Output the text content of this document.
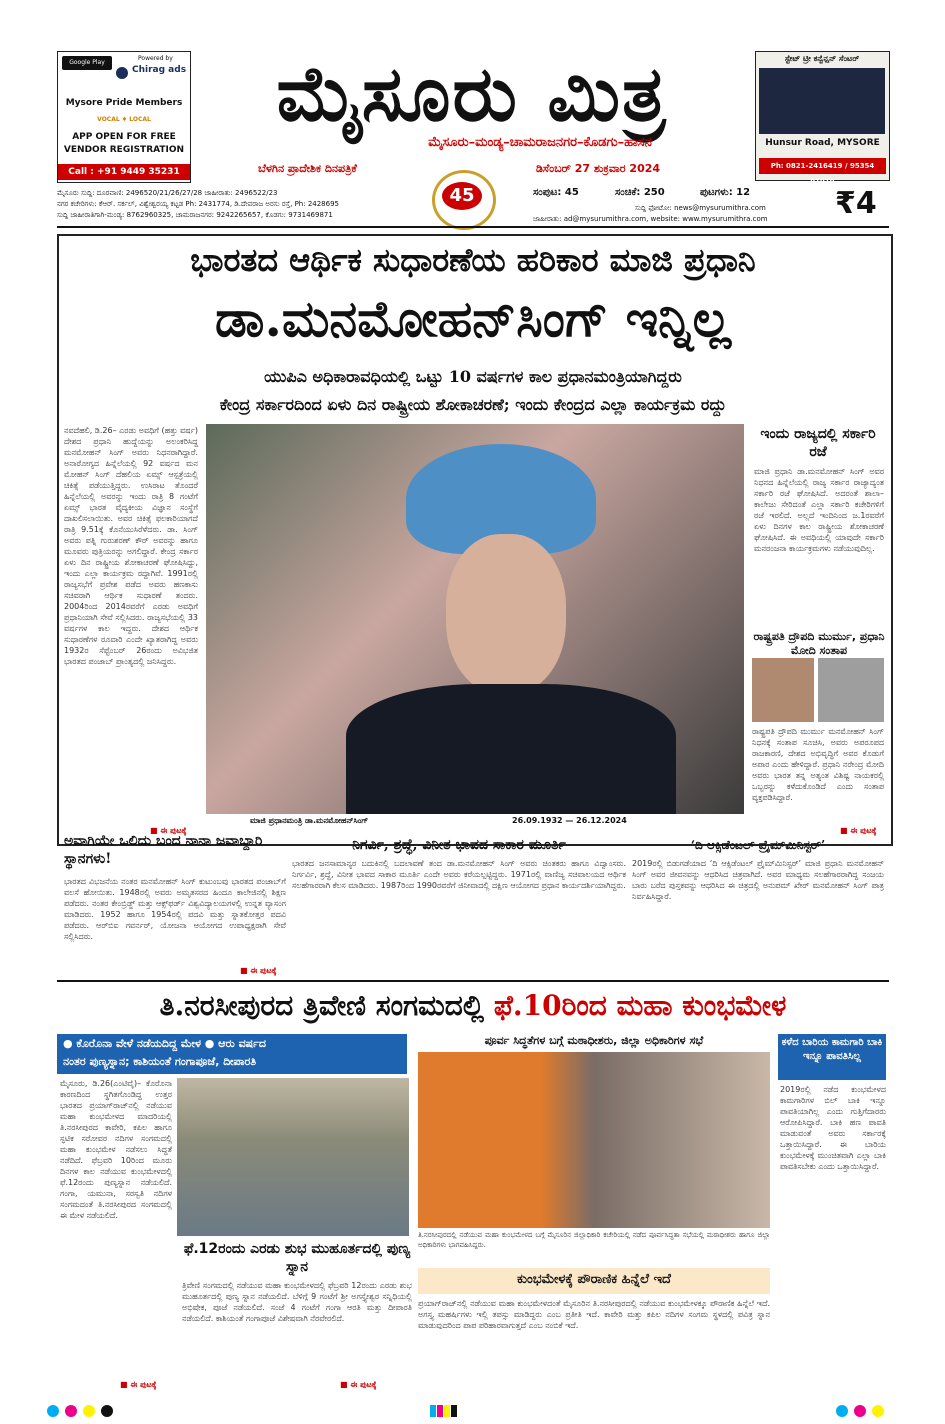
Google Play
Powered by
Chirag ads
Mysore Pride Members
VOCAL ♦ LOCAL
APP OPEN FOR FREE
VENDOR REGISTRATION
Call : +91 9449 35231
ಮೈಸೂರು ಮಿತ್ರ
ಮೈಸೂರು–ಮಂಡ್ಯ–ಚಾಮರಾಜನಗರ–ಕೊಡಗು–ಹಾಸನ
ಬೆಳಗಿನ ಪ್ರಾದೇಶಿಕ ದಿನಪತ್ರಿಕೆ	ಡಿಸೆಂಬರ್ 27 ಶುಕ್ರವಾರ 2024
45
ಮೈಸೂರು ಸುದ್ದಿ: ದೂರವಾಣಿ: 2496520/21/26/27/28 ಜಾಹೀರಾತು: 2496522/23
ನಗರ ಕಚೇರಿಗಳು: ಕೆಆರ್. ಸರ್ಕಲ್, ವಿಶ್ವೇಶ್ವರಯ್ಯ ಕಟ್ಟಡ Ph: 2431774, ಡಿ.ದೇವರಾಜ ಅರಸು ರಸ್ತೆ, Ph: 2428695
ಸುದ್ದಿ ಜಾಹೀರಾತಿಗಾಗಿ-ಮಂಡ್ಯ: 8762960325, ಚಾಮರಾಜನಗರ: 9242265657, ಕೊಡಗು: 9731469871
ಸಂಪುಟ: 45	ಸಂಚಿಕೆ: 250	ಪುಟಗಳು: 12
ಸುದ್ದಿ ಫೋಟೋ: news@mysurumithra.com
ಜಾಹೀರಾತು: ad@mysurumithra.com, website: www.mysurumithra.com
ಸ್ಟೇಟ್ ಟ್ರೀ ಕನ್ವೆನ್ಷನ್ ಸೆಂಟರ್
Hunsur Road, MYSORE
Ph: 0821-2416419 / 95354 91919
₹4
ಭಾರತದ ಆರ್ಥಿಕ ಸುಧಾರಣೆಯ ಹರಿಕಾರ ಮಾಜಿ ಪ್ರಧಾನಿ
ಡಾ.ಮನಮೋಹನ್‌ಸಿಂಗ್ ಇನ್ನಿಲ್ಲ
ಯುಪಿಎ ಅಧಿಕಾರಾವಧಿಯಲ್ಲಿ ಒಟ್ಟು 10 ವರ್ಷಗಳ ಕಾಲ ಪ್ರಧಾನಮಂತ್ರಿಯಾಗಿದ್ದರು
ಕೇಂದ್ರ ಸರ್ಕಾರದಿಂದ ಏಳು ದಿನ ರಾಷ್ಟ್ರೀಯ ಶೋಕಾಚರಣೆ; ಇಂದು ಕೇಂದ್ರದ ಎಲ್ಲಾ ಕಾರ್ಯಕ್ರಮ ರದ್ದು
ನವದೆಹಲಿ, ಡಿ.26– ಎರಡು ಅವಧಿಗೆ (ಹತ್ತು ವರ್ಷ) ದೇಶದ ಪ್ರಧಾನಿ ಹುದ್ದೆಯನ್ನು ಅಲಂಕರಿಸಿದ್ದ ಮನಮೋಹನ್ ಸಿಂಗ್ ಅವರು ನಿಧನರಾಗಿದ್ದಾರೆ. ಅನಾರೋಗ್ಯದ ಹಿನ್ನೆಲೆಯಲ್ಲಿ 92 ವರ್ಷದ ಮನ ಮೋಹನ್ ಸಿಂಗ್ ದೆಹಲಿಯ ಏಮ್ಸ್ ಆಸ್ಪತ್ರೆಯಲ್ಲಿ ಚಿಕಿತ್ಸೆ ಪಡೆಯುತ್ತಿದ್ದರು. ಉಸಿರಾಟ ತೊಂದರೆ ಹಿನ್ನೆಲೆಯಲ್ಲಿ ಅವರನ್ನು ಇಂದು ರಾತ್ರಿ 8 ಗಂಟೆಗೆ ಏಮ್ಸ್ ಭಾರತ ವೈದ್ಯಕೀಯ ವಿಜ್ಞಾನ ಸಂಸ್ಥೆಗೆ ದಾಖಲಿಸಲಾಯಿತು. ಅವರ ಚಿಕಿತ್ಸೆ ಫಲಕಾರಿಯಾಗದೆ ರಾತ್ರಿ 9.51ಕ್ಕೆ ಕೊನೆಯುಸಿರೆಳೆದರು. ಡಾ. ಸಿಂಗ್ ಅವರು ಪತ್ನಿ ಗುರುಶರಣ್ ಕೌರ್ ಅವರನ್ನು ಹಾಗೂ ಮೂವರು ಪುತ್ರಿಯರನ್ನು ಅಗಲಿದ್ದಾರೆ. ಕೇಂದ್ರ ಸರ್ಕಾರ ಏಳು ದಿನ ರಾಷ್ಟ್ರೀಯ ಶೋಕಾಚರಣೆ ಘೋಷಿಸಿದ್ದು, ಇಂದು ಎಲ್ಲಾ ಕಾರ್ಯಕ್ರಮ ರದ್ದಾಗಿವೆ. 1991ರಲ್ಲಿ ರಾಜ್ಯಸಭೆಗೆ ಪ್ರವೇಶ ಪಡೆದ ಅವರು ಹಣಕಾಸು ಸಚಿವರಾಗಿ ಆರ್ಥಿಕ ಸುಧಾರಣೆ ತಂದರು. 2004ರಿಂದ 2014ರವರೆಗೆ ಎರಡು ಅವಧಿಗೆ ಪ್ರಧಾನಿಯಾಗಿ ಸೇವೆ ಸಲ್ಲಿಸಿದರು. ರಾಜ್ಯಸಭೆಯಲ್ಲಿ 33 ವರ್ಷಗಳ ಕಾಲ ಇದ್ದರು. ದೇಶದ ಆರ್ಥಿಕ ಸುಧಾರಣೆಗಳ ರೂವಾರಿ ಎಂದೇ ಖ್ಯಾತರಾಗಿದ್ದ ಅವರು 1932ರ ಸೆಪ್ಟೆಂಬರ್ 26ರಂದು ಅವಿಭಜಿತ ಭಾರತದ ಪಂಜಾಬ್ ಪ್ರಾಂತ್ಯದಲ್ಲಿ ಜನಿಸಿದ್ದರು.
■ ಈ ಪುಟಕ್ಕೆ
ಮಾಜಿ ಪ್ರಧಾನಮಂತ್ರಿ ಡಾ.ಮನಮೋಹನ್‌ಸಿಂಗ್	26.09.1932 — 26.12.2024
ಇಂದು ರಾಜ್ಯದಲ್ಲಿ ಸರ್ಕಾರಿ ರಜೆ
ಮಾಜಿ ಪ್ರಧಾನಿ ಡಾ.ಮನಮೋಹನ್ ಸಿಂಗ್ ಅವರ ನಿಧನದ ಹಿನ್ನೆಲೆಯಲ್ಲಿ ರಾಜ್ಯ ಸರ್ಕಾರ ರಾಜ್ಯಾದ್ಯಂತ ಸರ್ಕಾರಿ ರಜೆ ಘೋಷಿಸಿದೆ. ಅದರಂತೆ ಶಾಲಾ–ಕಾಲೇಜು ಸೇರಿದಂತೆ ಎಲ್ಲಾ ಸರ್ಕಾರಿ ಕಚೇರಿಗಳಿಗೆ ರಜೆ ಇರಲಿದೆ. ಅಲ್ಲದೆ ಇಂದಿನಿಂದ ಜ.1ರವರೆಗೆ ಏಳು ದಿನಗಳ ಕಾಲ ರಾಷ್ಟ್ರೀಯ ಶೋಕಾಚರಣೆ ಘೋಷಿಸಿದೆ. ಈ ಅವಧಿಯಲ್ಲಿ ಯಾವುದೇ ಸರ್ಕಾರಿ ಮನರಂಜನಾ ಕಾರ್ಯಕ್ರಮಗಳು ನಡೆಯುವುದಿಲ್ಲ.
ರಾಷ್ಟ್ರಪತಿ ದ್ರೌಪದಿ ಮುರ್ಮು, ಪ್ರಧಾನಿ ಮೋದಿ ಸಂತಾಪ
ರಾಷ್ಟ್ರಪತಿ ದ್ರೌಪದಿ ಮುರ್ಮು ಮನಮೋಹನ್ ಸಿಂಗ್ ನಿಧನಕ್ಕೆ ಸಂತಾಪ ಸೂಚಿಸಿ, ಅವರು ಅಪರೂಪದ ರಾಜಕಾರಣಿ, ದೇಶದ ಅಭಿವೃದ್ಧಿಗೆ ಅವರ ಕೊಡುಗೆ ಅಪಾರ ಎಂದು ಹೇಳಿದ್ದಾರೆ. ಪ್ರಧಾನಿ ನರೇಂದ್ರ ಮೋದಿ ಅವರು ಭಾರತ ತನ್ನ ಅತ್ಯಂತ ವಿಶಿಷ್ಟ ನಾಯಕರಲ್ಲಿ ಒಬ್ಬರನ್ನು ಕಳೆದುಕೊಂಡಿದೆ ಎಂದು ಸಂತಾಪ ವ್ಯಕ್ತಪಡಿಸಿದ್ದಾರೆ.
■ ಈ ಪುಟಕ್ಕೆ
ಅವಾಗಿಯೇ ಒಲಿದು ಬಂದ ನಾನಾ ಜವಾಬ್ದಾರಿ ಸ್ಥಾನಗಳು!
ಭಾರತದ ವಿಭಜನೆಯ ನಂತರ ಮನಮೋಹನ್ ಸಿಂಗ್ ಕುಟುಂಬವು ಭಾರತದ ಪಂಜಾಬ್‌ಗೆ ವಲಸೆ ಹೋಯಿತು. 1948ರಲ್ಲಿ ಅವರು ಅಮೃತಸರದ ಹಿಂದೂ ಕಾಲೇಜಿನಲ್ಲಿ ಶಿಕ್ಷಣ ಪಡೆದರು. ನಂತರ ಕೇಂಬ್ರಿಡ್ಜ್ ಮತ್ತು ಆಕ್ಸ್‌ಫರ್ಡ್ ವಿಶ್ವವಿದ್ಯಾಲಯಗಳಲ್ಲಿ ಉನ್ನತ ವ್ಯಾಸಂಗ ಮಾಡಿದರು. 1952 ಹಾಗೂ 1954ರಲ್ಲಿ ಪದವಿ ಮತ್ತು ಸ್ನಾತಕೋತ್ತರ ಪದವಿ ಪಡೆದರು. ಆರ್‌ಬಿಐ ಗವರ್ನರ್, ಯೋಜನಾ ಆಯೋಗದ ಉಪಾಧ್ಯಕ್ಷರಾಗಿ ಸೇವೆ ಸಲ್ಲಿಸಿದರು.
ನಿಗರ್ವಿ, ಶ್ರದ್ಧೆ, ವಿನೀತ ಭಾವದ ಸಾಕಾರ ಮೂರ್ತಿ
ಭಾರತದ ಜನಸಾಮಾನ್ಯರ ಬದುಕಿನಲ್ಲಿ ಬದಲಾವಣೆ ತಂದ ಡಾ.ಮನಮೋಹನ್ ಸಿಂಗ್ ಅವರು ಚಿಂತಕರು ಹಾಗೂ ವಿದ್ವಾಂಸರು. ನಿರ್ಗರ್ವಿ, ಶ್ರದ್ಧೆ, ವಿನೀತ ಭಾವದ ಸಾಕಾರ ಮೂರ್ತಿ ಎಂದೇ ಅವರು ಕರೆಯಲ್ಪಟ್ಟಿದ್ದರು. 1971ರಲ್ಲಿ ವಾಣಿಜ್ಯ ಸಚಿವಾಲಯದ ಆರ್ಥಿಕ ಸಲಹೆಗಾರರಾಗಿ ಕೆಲಸ ಮಾಡಿದರು. 1987ರಿಂದ 1990ರವರೆಗೆ ಜಿನೀವಾದಲ್ಲಿ ದಕ್ಷಿಣ ಆಯೋಗದ ಪ್ರಧಾನ ಕಾರ್ಯದರ್ಶಿಯಾಗಿದ್ದರು.
‘ದಿ ಆಕ್ಸಿಡೆಂಟಲ್ ಪ್ರೈಮ್‌ಮಿನಿಸ್ಟರ್’
2019ರಲ್ಲಿ ಬಿಡುಗಡೆಯಾದ ‘ದಿ ಆಕ್ಸಿಡೆಂಟಲ್ ಪ್ರೈಮ್‌ಮಿನಿಸ್ಟರ್’ ಮಾಜಿ ಪ್ರಧಾನಿ ಮನಮೋಹನ್ ಸಿಂಗ್ ಅವರ ಜೀವನವನ್ನು ಆಧರಿಸಿದ ಚಿತ್ರವಾಗಿದೆ. ಅವರ ಮಾಧ್ಯಮ ಸಲಹೆಗಾರರಾಗಿದ್ದ ಸಂಜಯ ಬಾರು ಬರೆದ ಪುಸ್ತಕವನ್ನು ಆಧರಿಸಿದ ಈ ಚಿತ್ರದಲ್ಲಿ ಅನುಪಮ್ ಖೇರ್ ಮನಮೋಹನ್ ಸಿಂಗ್ ಪಾತ್ರ ನಿರ್ವಹಿಸಿದ್ದಾರೆ.
■ ಈ ಪುಟಕ್ಕೆ
ತಿ.ನರಸೀಪುರದ ತ್ರಿವೇಣಿ ಸಂಗಮದಲ್ಲಿ ಫೆ.10ರಿಂದ ಮಹಾ ಕುಂಭಮೇಳ
● ಕೊರೊನಾ ವೇಳೆ ನಡೆಯದಿದ್ದ ಮೇಳ ● ಆರು ವರ್ಷದ
ನಂತರ ಪುಣ್ಯಸ್ನಾನ; ಕಾಶಿಯಂತೆ ಗಂಗಾಪೂಜೆ, ದೀಪಾರತಿ
ಮೈಸೂರು, ಡಿ.26(ಎಂಟಿವೈ)– ಕೊರೊನಾ ಕಾರಣದಿಂದ ಸ್ಥಗಿತಗೊಂಡಿದ್ದ ಉತ್ತರ ಭಾರತದ ಪ್ರಯಾಗ್‌ರಾಜ್‌ನಲ್ಲಿ ನಡೆಯುವ ಮಹಾ ಕುಂಭಮೇಳದ ಮಾದರಿಯಲ್ಲಿ ತಿ.ನರಸೀಪುರದ ಕಾವೇರಿ, ಕಪಿಲ ಹಾಗೂ ಸ್ಫಟಿಕ ಸರೋವರ ನದಿಗಳ ಸಂಗಮದಲ್ಲಿ ಮಹಾ ಕುಂಭಮೇಳ ನಡೆಸಲು ಸಿದ್ಧತೆ ನಡೆದಿದೆ. ಫೆಬ್ರವರಿ 10ರಿಂದ ಮೂರು ದಿನಗಳ ಕಾಲ ನಡೆಯುವ ಕುಂಭಮೇಳದಲ್ಲಿ ಫೆ.12ರಂದು ಪುಣ್ಯಸ್ನಾನ ನಡೆಯಲಿದೆ. ಗಂಗಾ, ಯಮುನಾ, ಸರಸ್ವತಿ ನದಿಗಳ ಸಂಗಮದಂತೆ ತಿ.ನರಸೀಪುರದ ಸಂಗಮದಲ್ಲಿ ಈ ಮೇಳ ನಡೆಯಲಿದೆ.
■ ಈ ಪುಟಕ್ಕೆ
ಪೂರ್ವ ಸಿದ್ಧತೆಗಳ ಬಗ್ಗೆ ಮಠಾಧೀಶರು, ಜಿಲ್ಲಾ ಅಧಿಕಾರಿಗಳ ಸಭೆ
ತಿ.ನರಸೀಪುರದಲ್ಲಿ ನಡೆಯುವ ಮಹಾ ಕುಂಭಮೇಳದ ಬಗ್ಗೆ ಮೈಸೂರಿನ ಜಿಲ್ಲಾಧಿಕಾರಿ ಕಚೇರಿಯಲ್ಲಿ ನಡೆದ ಪೂರ್ವಸಿದ್ಧತಾ ಸಭೆಯಲ್ಲಿ ಮಠಾಧೀಶರು ಹಾಗೂ ಜಿಲ್ಲಾ ಅಧಿಕಾರಿಗಳು ಭಾಗವಹಿಸಿದ್ದರು.
ಫೆ.12ರಂದು ಎರಡು ಶುಭ ಮುಹೂರ್ತದಲ್ಲಿ ಪುಣ್ಯ ಸ್ನಾನ
ತ್ರಿವೇಣಿ ಸಂಗಮದಲ್ಲಿ ನಡೆಯುವ ಮಹಾ ಕುಂಭಮೇಳದಲ್ಲಿ ಫೆಬ್ರವರಿ 12ರಂದು ಎರಡು ಶುಭ ಮುಹೂರ್ತದಲ್ಲಿ ಪುಣ್ಯ ಸ್ನಾನ ನಡೆಯಲಿದೆ. ಬೆಳಿಗ್ಗೆ 9 ಗಂಟೆಗೆ ಶ್ರೀ ಅಗಸ್ತ್ಯೇಶ್ವರ ಸನ್ನಿಧಿಯಲ್ಲಿ ಅಭಿಷೇಕ, ಪೂಜೆ ನಡೆಯಲಿದೆ. ಸಂಜೆ 4 ಗಂಟೆಗೆ ಗಂಗಾ ಆರತಿ ಮತ್ತು ದೀಪಾರತಿ ನಡೆಯಲಿದೆ. ಕಾಶಿಯಂತೆ ಗಂಗಾಪೂಜೆ ವಿಶೇಷವಾಗಿ ನೆರವೇರಲಿದೆ.
ಕುಂಭಮೇಳಕ್ಕೆ ಪೌರಾಣಿಕ ಹಿನ್ನೆಲೆ ಇದೆ
ಪ್ರಯಾಗ್‌ರಾಜ್‌ನಲ್ಲಿ ನಡೆಯುವ ಮಹಾ ಕುಂಭಮೇಳದಂತೆ ಮೈಸೂರಿನ ತಿ.ನರಸೀಪುರದಲ್ಲಿ ನಡೆಯುವ ಕುಂಭಮೇಳಕ್ಕೂ ಪೌರಾಣಿಕ ಹಿನ್ನೆಲೆ ಇದೆ. ಅಗಸ್ತ್ಯ ಮಹರ್ಷಿಗಳು ಇಲ್ಲಿ ತಪಸ್ಸು ಮಾಡಿದ್ದರು ಎಂಬ ಪ್ರತೀತಿ ಇದೆ. ಕಾವೇರಿ ಮತ್ತು ಕಪಿಲ ನದಿಗಳ ಸಂಗಮ ಸ್ಥಳದಲ್ಲಿ ಪವಿತ್ರ ಸ್ನಾನ ಮಾಡುವುದರಿಂದ ಪಾಪ ಪರಿಹಾರವಾಗುತ್ತದೆ ಎಂಬ ನಂಬಿಕೆ ಇದೆ.
■ ಈ ಪುಟಕ್ಕೆ
ಕಳೆದ ಬಾರಿಯ ಕಾಮಗಾರಿ ಬಾಕಿ ಇನ್ನೂ ಪಾವತಿಸಿಲ್ಲ
2019ರಲ್ಲಿ ನಡೆದ ಕುಂಭಮೇಳದ ಕಾಮಗಾರಿಗಳ ಬಿಲ್ ಬಾಕಿ ಇನ್ನೂ ಪಾವತಿಯಾಗಿಲ್ಲ ಎಂದು ಗುತ್ತಿಗೆದಾರರು ಆರೋಪಿಸಿದ್ದಾರೆ. ಬಾಕಿ ಹಣ ಪಾವತಿ ಮಾಡುವಂತೆ ಅವರು ಸರ್ಕಾರಕ್ಕೆ ಒತ್ತಾಯಿಸಿದ್ದಾರೆ. ಈ ಬಾರಿಯ ಕುಂಭಮೇಳಕ್ಕೆ ಮುಂಚಿತವಾಗಿ ಎಲ್ಲಾ ಬಾಕಿ ಪಾವತಿಸಬೇಕು ಎಂದು ಒತ್ತಾಯಿಸಿದ್ದಾರೆ.
